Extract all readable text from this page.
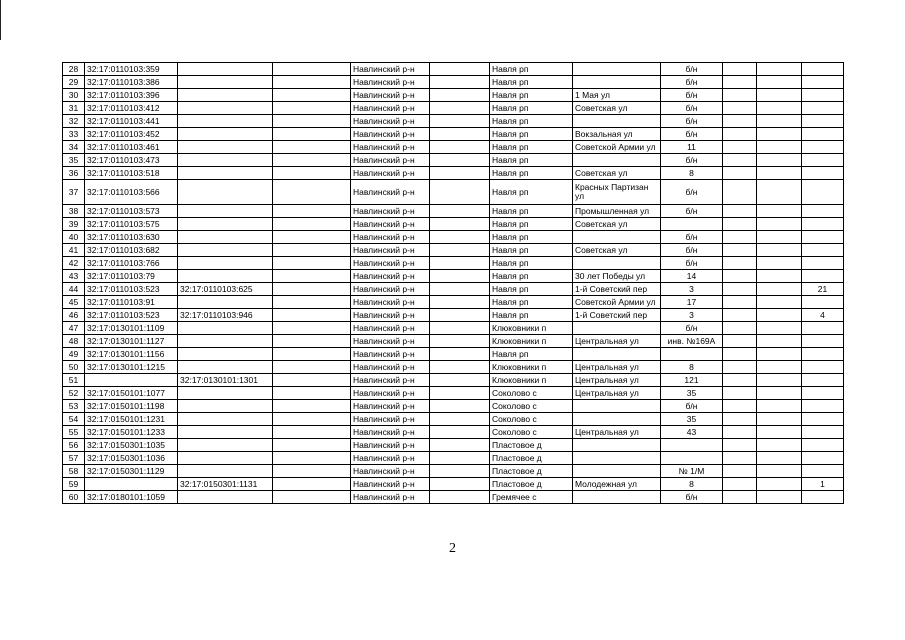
28	32:17:0110103:359			Навлинский р-н		Навля рп		б/н			
29	32:17:0110103:386			Навлинский р-н		Навля рп		б/н			
30	32:17:0110103:396			Навлинский р-н		Навля рп	1 Мая ул	б/н			
31	32:17:0110103:412			Навлинский р-н		Навля рп	Советская ул	б/н			
32	32:17:0110103:441			Навлинский р-н		Навля рп		б/н			
33	32:17:0110103:452			Навлинский р-н		Навля рп	Вокзальная ул	б/н			
34	32:17:0110103:461			Навлинский р-н		Навля рп	Советской Армии ул	11			
35	32:17:0110103:473			Навлинский р-н		Навля рп		б/н			
36	32:17:0110103:518			Навлинский р-н		Навля рп	Советская ул	8			
37	32:17:0110103:566			Навлинский р-н		Навля рп	Красных Партизан ул	б/н			
38	32:17:0110103:573			Навлинский р-н		Навля рп	Промышленная ул	б/н			
39	32:17:0110103:575			Навлинский р-н		Навля рп	Советская ул				
40	32:17:0110103:630			Навлинский р-н		Навля рп		б/н			
41	32:17:0110103:682			Навлинский р-н		Навля рп	Советская ул	б/н			
42	32:17:0110103:766			Навлинский р-н		Навля рп		б/н			
43	32:17:0110103:79			Навлинский р-н		Навля рп	30 лет Победы ул	14			
44	32:17:0110103:523	32:17:0110103:625		Навлинский р-н		Навля рп	1-й Советский пер	3			21
45	32:17:0110103:91			Навлинский р-н		Навля рп	Советской Армии ул	17			
46	32:17:0110103:523	32:17:0110103:946		Навлинский р-н		Навля рп	1-й Советский пер	3			4
47	32:17:0130101:1109			Навлинский р-н		Клюковники п		б/н			
48	32:17:0130101:1127			Навлинский р-н		Клюковники п	Центральная ул	инв. №169А			
49	32:17:0130101:1156			Навлинский р-н		Навля рп					
50	32:17:0130101:1215			Навлинский р-н		Клюковники п	Центральная ул	8			
51		32:17:0130101:1301		Навлинский р-н		Клюковники п	Центральная ул	121			
52	32:17:0150101:1077			Навлинский р-н		Соколово с	Центральная ул	35			
53	32:17:0150101:1198			Навлинский р-н		Соколово с		б/н			
54	32:17:0150101:1231			Навлинский р-н		Соколово с		35			
55	32:17:0150101:1233			Навлинский р-н		Соколово с	Центральная ул	43			
56	32:17:0150301:1035			Навлинский р-н		Пластовое д					
57	32:17:0150301:1036			Навлинский р-н		Пластовое д					
58	32:17:0150301:1129			Навлинский р-н		Пластовое д		№ 1/М			
59		32:17:0150301:1131		Навлинский р-н		Пластовое д	Молодежная ул	8			1
60	32:17:0180101:1059			Навлинский р-н		Гремячее с		б/н			
2
